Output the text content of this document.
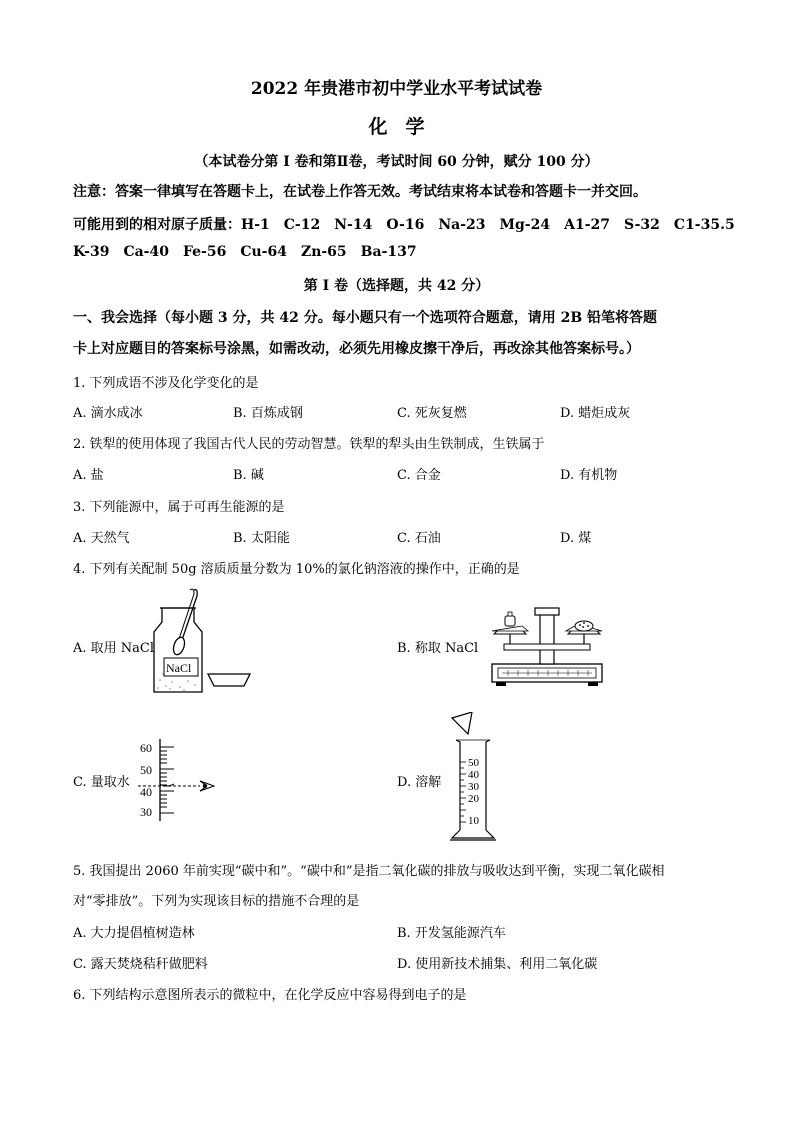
2022 年贵港市初中学业水平考试试卷
化学
（本试卷分第 I 卷和第Ⅱ卷，考试时间 60 分钟，赋分 100 分）
注意：答案一律填写在答题卡上，在试卷上作答无效。考试结束将本试卷和答题卡一并交回。
可能用到的相对原子质量：H-1 C-12 N-14 O-16 Na-23 Mg-24 A1-27 S-32 C1-35.5
K-39 Ca-40 Fe-56 Cu-64 Zn-65 Ba-137
第 I 卷（选择题，共 42 分）
一、我会选择（每小题 3 分，共 42 分。每小题只有一个选项符合题意，请用 2B 铅笔将答题
卡上对应题目的答案标号涂黑，如需改动，必须先用橡皮擦干净后，再改涂其他答案标号。）
1. 下列成语不涉及化学变化的是
A. 滴水成冰	B. 百炼成钢	C. 死灰复燃	D. 蜡炬成灰
2. 铁犁的使用体现了我国古代人民的劳动智慧。铁犁的犁头由生铁制成，生铁属于
A. 盐	B. 碱	C. 合金	D. 有机物
3. 下列能源中，属于可再生能源的是
A. 天然气	B. 太阳能	C. 石油	D. 煤
4. 下列有关配制 50g 溶质质量分数为 10%的氯化钠溶液的操作中，正确的是
A. 取用 NaCl
NaCl
B. 称取 NaCl
C. 量取水
60
50
40
30
D. 溶解
50
40
30
20
10
5. 我国提出 2060 年前实现“碳中和”。“碳中和”是指二氧化碳的排放与吸收达到平衡，实现二氧化碳相
对“零排放”。下列为实现该目标的措施不合理的是
A. 大力提倡植树造林	B. 开发氢能源汽车
C. 露天焚烧秸秆做肥料	D. 使用新技术捕集、利用二氧化碳
6. 下列结构示意图所表示的微粒中，在化学反应中容易得到电子的是
